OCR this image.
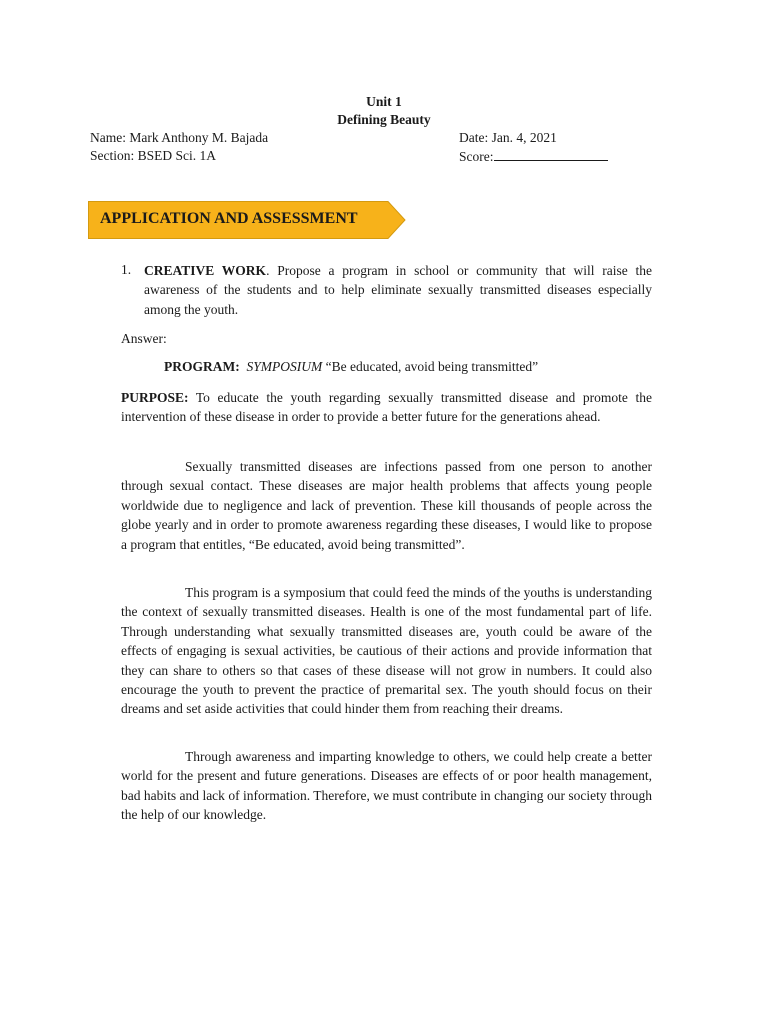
Unit 1
Defining Beauty
Name: Mark Anthony M. Bajada
Section: BSED Sci. 1A
Date: Jan. 4, 2021
Score:
APPLICATION AND ASSESSMENT
1. CREATIVE WORK. Propose a program in school or community that will raise the awareness of the students and to help eliminate sexually transmitted diseases especially among the youth.

Answer:
PROGRAM: SYMPOSIUM “Be educated, avoid being transmitted”

PURPOSE: To educate the youth regarding sexually transmitted disease and promote the intervention of these disease in order to provide a better future for the generations ahead.

Sexually transmitted diseases are infections passed from one person to another through sexual contact. These diseases are major health problems that affects young people worldwide due to negligence and lack of prevention. These kill thousands of people across the globe yearly and in order to promote awareness regarding these diseases, I would like to propose a program that entitles, “Be educated, avoid being transmitted”.

This program is a symposium that could feed the minds of the youths is understanding the context of sexually transmitted diseases. Health is one of the most fundamental part of life. Through understanding what sexually transmitted diseases are, youth could be aware of the effects of engaging is sexual activities, be cautious of their actions and provide information that they can share to others so that cases of these disease will not grow in numbers. It could also encourage the youth to prevent the practice of premarital sex. The youth should focus on their dreams and set aside activities that could hinder them from reaching their dreams.

Through awareness and imparting knowledge to others, we could help create a better world for the present and future generations. Diseases are effects of or poor health management, bad habits and lack of information. Therefore, we must contribute in changing our society through the help of our knowledge.
